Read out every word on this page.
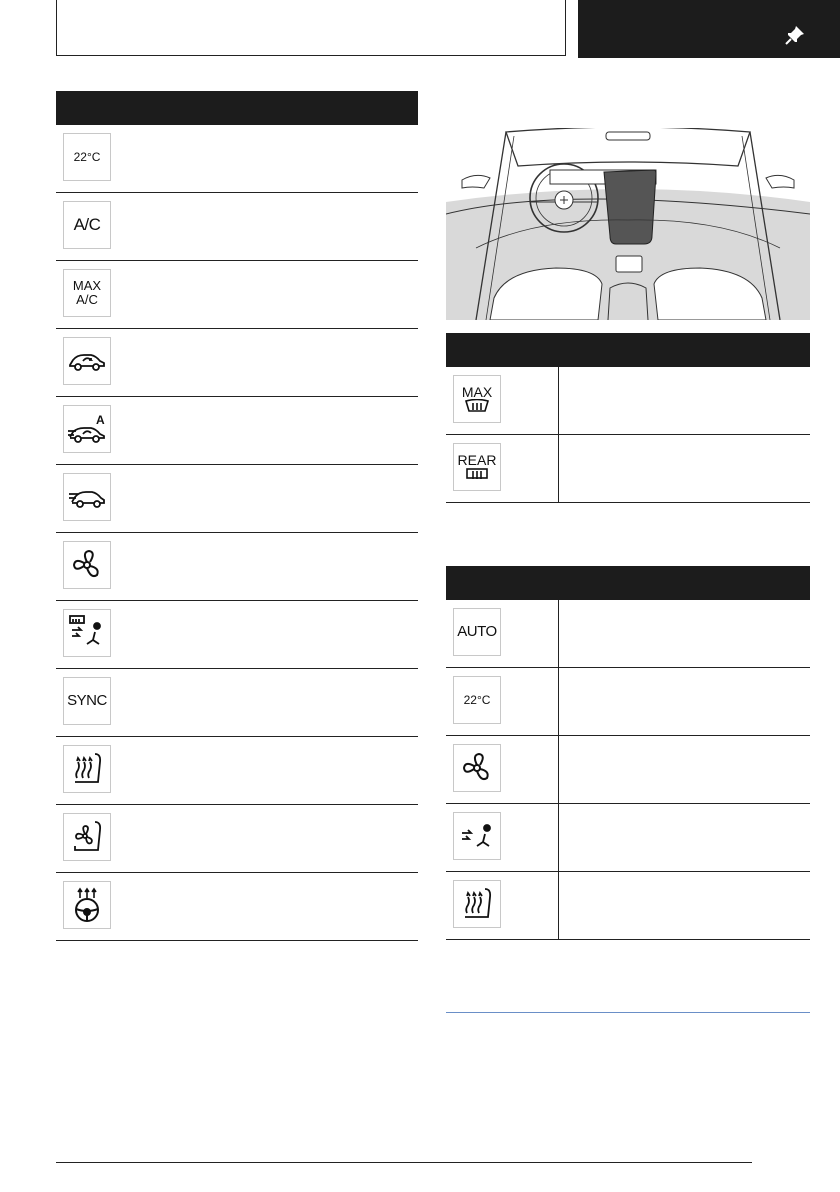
22°C
A/C
MAX
A/C
A
SYNC
MAX
REAR
AUTO
22°C
